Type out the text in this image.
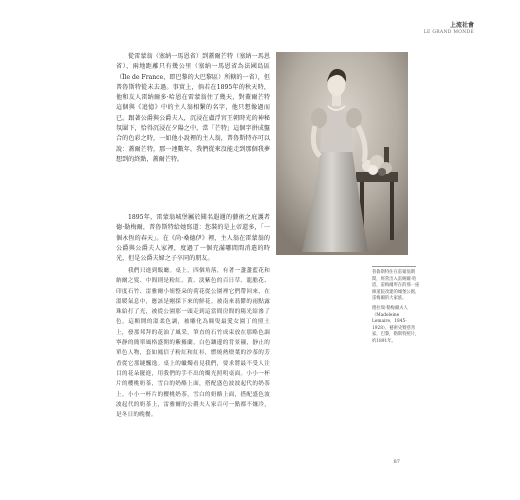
上流社會
LE GRAND MONDE

從雷蒙翁（塞納一馬恩省）到蓋爾芒特（塞納一馬恩省），兩地距離只有幾公里（塞納一馬恩省為法國島區（Île de France，即巴黎的大巴黎區）所轄的一省），但普魯斯特從未去過。事實上，倘若在1895年的秋天時，他和友人雷納爾多·哈恩在雷蒙翁住了幾天，對蓋爾芒特這個與《追憶》中的主人翁相繫的名字，他只想像過而已。跟著公爵與公爵夫人，沉浸在盧浮宮王朝時光的神秘氛圍下，恰得沉浸在夕陽之中，當「芒特」這個字拼成盤合的色彩之時，一如他小說裡的主人翁，普魯斯特亦可以說：蓋爾芒特，那一連數年，我們從來沒能走到那個我夢想到的終點，蓋爾芒特。

1895年，雷蒙翁城堡屬於聞名遐邇的藝術之庇護者德·勒梅爾，普魯斯特給她寫道：您裝的是上帝還多，「一個永恆的春天」。在《尚·桑德伊》裡，主人翁在雷蒙翁的公爵與公爵夫人家裡，度過了一個充滿哪間間消遣的時光，但是公爵夫婦之子卒同的朋友。

我們只進到飯廳。桌上，四個角落，有著一盞盞藍花和納爾之髮、中間則是粉紅、黃、淡紫色的百日草、龍膽花、印度石竹、雷雅爾小姐整朵的荷花從公園裡它們帶回來，在溫暖氣息中，應該是剛採下來的鮮花。被南來蓊鬱的雨點露珠給打了光，被從公園那一頭走到這當間房間的陽光給滲了色，這顆開的溫柔色調，被雕化為瞳叟最愛女園丁的照土上，發那邦拜的花油了風采，筆直的石竹成束放在那略色調寧靜的簡單風格盛開的紫羅蘭，白色鑲邊的背景襯，靜止的單色人物，套如鳳信子粉紅和紅衫，燃燒熱燈葉的沙茶的芳香從它那縫飄逸。桌上的蠟燭看見我們，要求將最不受人注目的花朵擺進，用我們的手不出的燭光照明桌面。小小一杯片的櫻桃奶茶，雪白的奶酪上面，搭配盛色波波起代的奶茶上。小小一杯片的櫻桃奶茶，雪白的奶酪上面，搭配盛色波波起代的奶茶上，雷雅爾的公爵夫人家百可一點都不嫌冷，是冬日的晚餐。

普魯斯特住在雷蒙翁期間，經常出入雷納爾·哈恩，雷梅爾所在的那一座修道院改建的城堡公園，雷梅爾的大家族。
德拉瑞·勒梅爾夫人（Madeleine Lemaire，1845-1928），藝術史暨慈善家，巴黎，勒斯特照片，約1891年。
87
